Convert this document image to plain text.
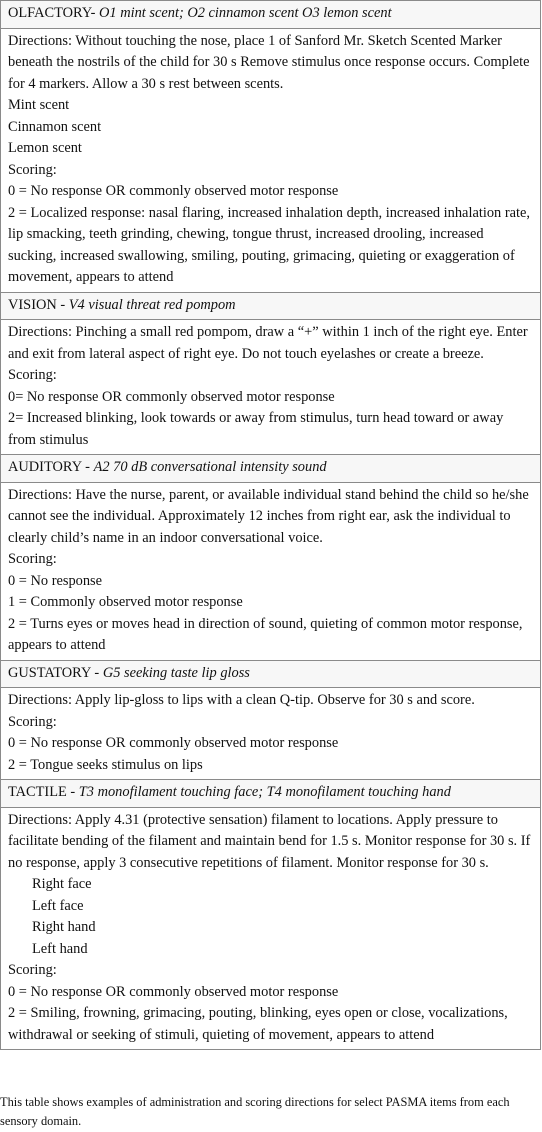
OLFACTORY- O1 mint scent; O2 cinnamon scent O3 lemon scent

Directions: Without touching the nose, place 1 of Sanford Mr. Sketch Scented Marker beneath the nostrils of the child for 30 s Remove stimulus once response occurs. Complete for 4 markers. Allow a 30 s rest between scents.
Mint scent
Cinnamon scent
Lemon scent
Scoring:
0 = No response OR commonly observed motor response
2 = Localized response: nasal flaring, increased inhalation depth, increased inhalation rate, lip smacking, teeth grinding, chewing, tongue thrust, increased drooling, increased sucking, increased swallowing, smiling, pouting, grimacing, quieting or exaggeration of movement, appears to attend

VISION - V4 visual threat red pompom

Directions: Pinching a small red pompom, draw a “+” within 1 inch of the right eye. Enter and exit from lateral aspect of right eye. Do not touch eyelashes or create a breeze.
Scoring:
0= No response OR commonly observed motor response
2= Increased blinking, look towards or away from stimulus, turn head toward or away from stimulus

AUDITORY - A2 70 dB conversational intensity sound

Directions: Have the nurse, parent, or available individual stand behind the child so he/she cannot see the individual. Approximately 12 inches from right ear, ask the individual to clearly child’s name in an indoor conversational voice.
Scoring:
0 = No response
1 = Commonly observed motor response
2 = Turns eyes or moves head in direction of sound, quieting of common motor response, appears to attend

GUSTATORY - G5 seeking taste lip gloss

Directions: Apply lip-gloss to lips with a clean Q-tip. Observe for 30 s and score.
Scoring:
0 = No response OR commonly observed motor response
2 = Tongue seeks stimulus on lips

TACTILE - T3 monofilament touching face; T4 monofilament touching hand

Directions: Apply 4.31 (protective sensation) filament to locations. Apply pressure to facilitate bending of the filament and maintain bend for 1.5 s. Monitor response for 30 s. If no response, apply 3 consecutive repetitions of filament. Monitor response for 30 s.
Right face
Left face
Right hand
Left hand
Scoring:
0 = No response OR commonly observed motor response
2 = Smiling, frowning, grimacing, pouting, blinking, eyes open or close, vocalizations, withdrawal or seeking of stimuli, quieting of movement, appears to attend
This table shows examples of administration and scoring directions for select PASMA items from each sensory domain.
